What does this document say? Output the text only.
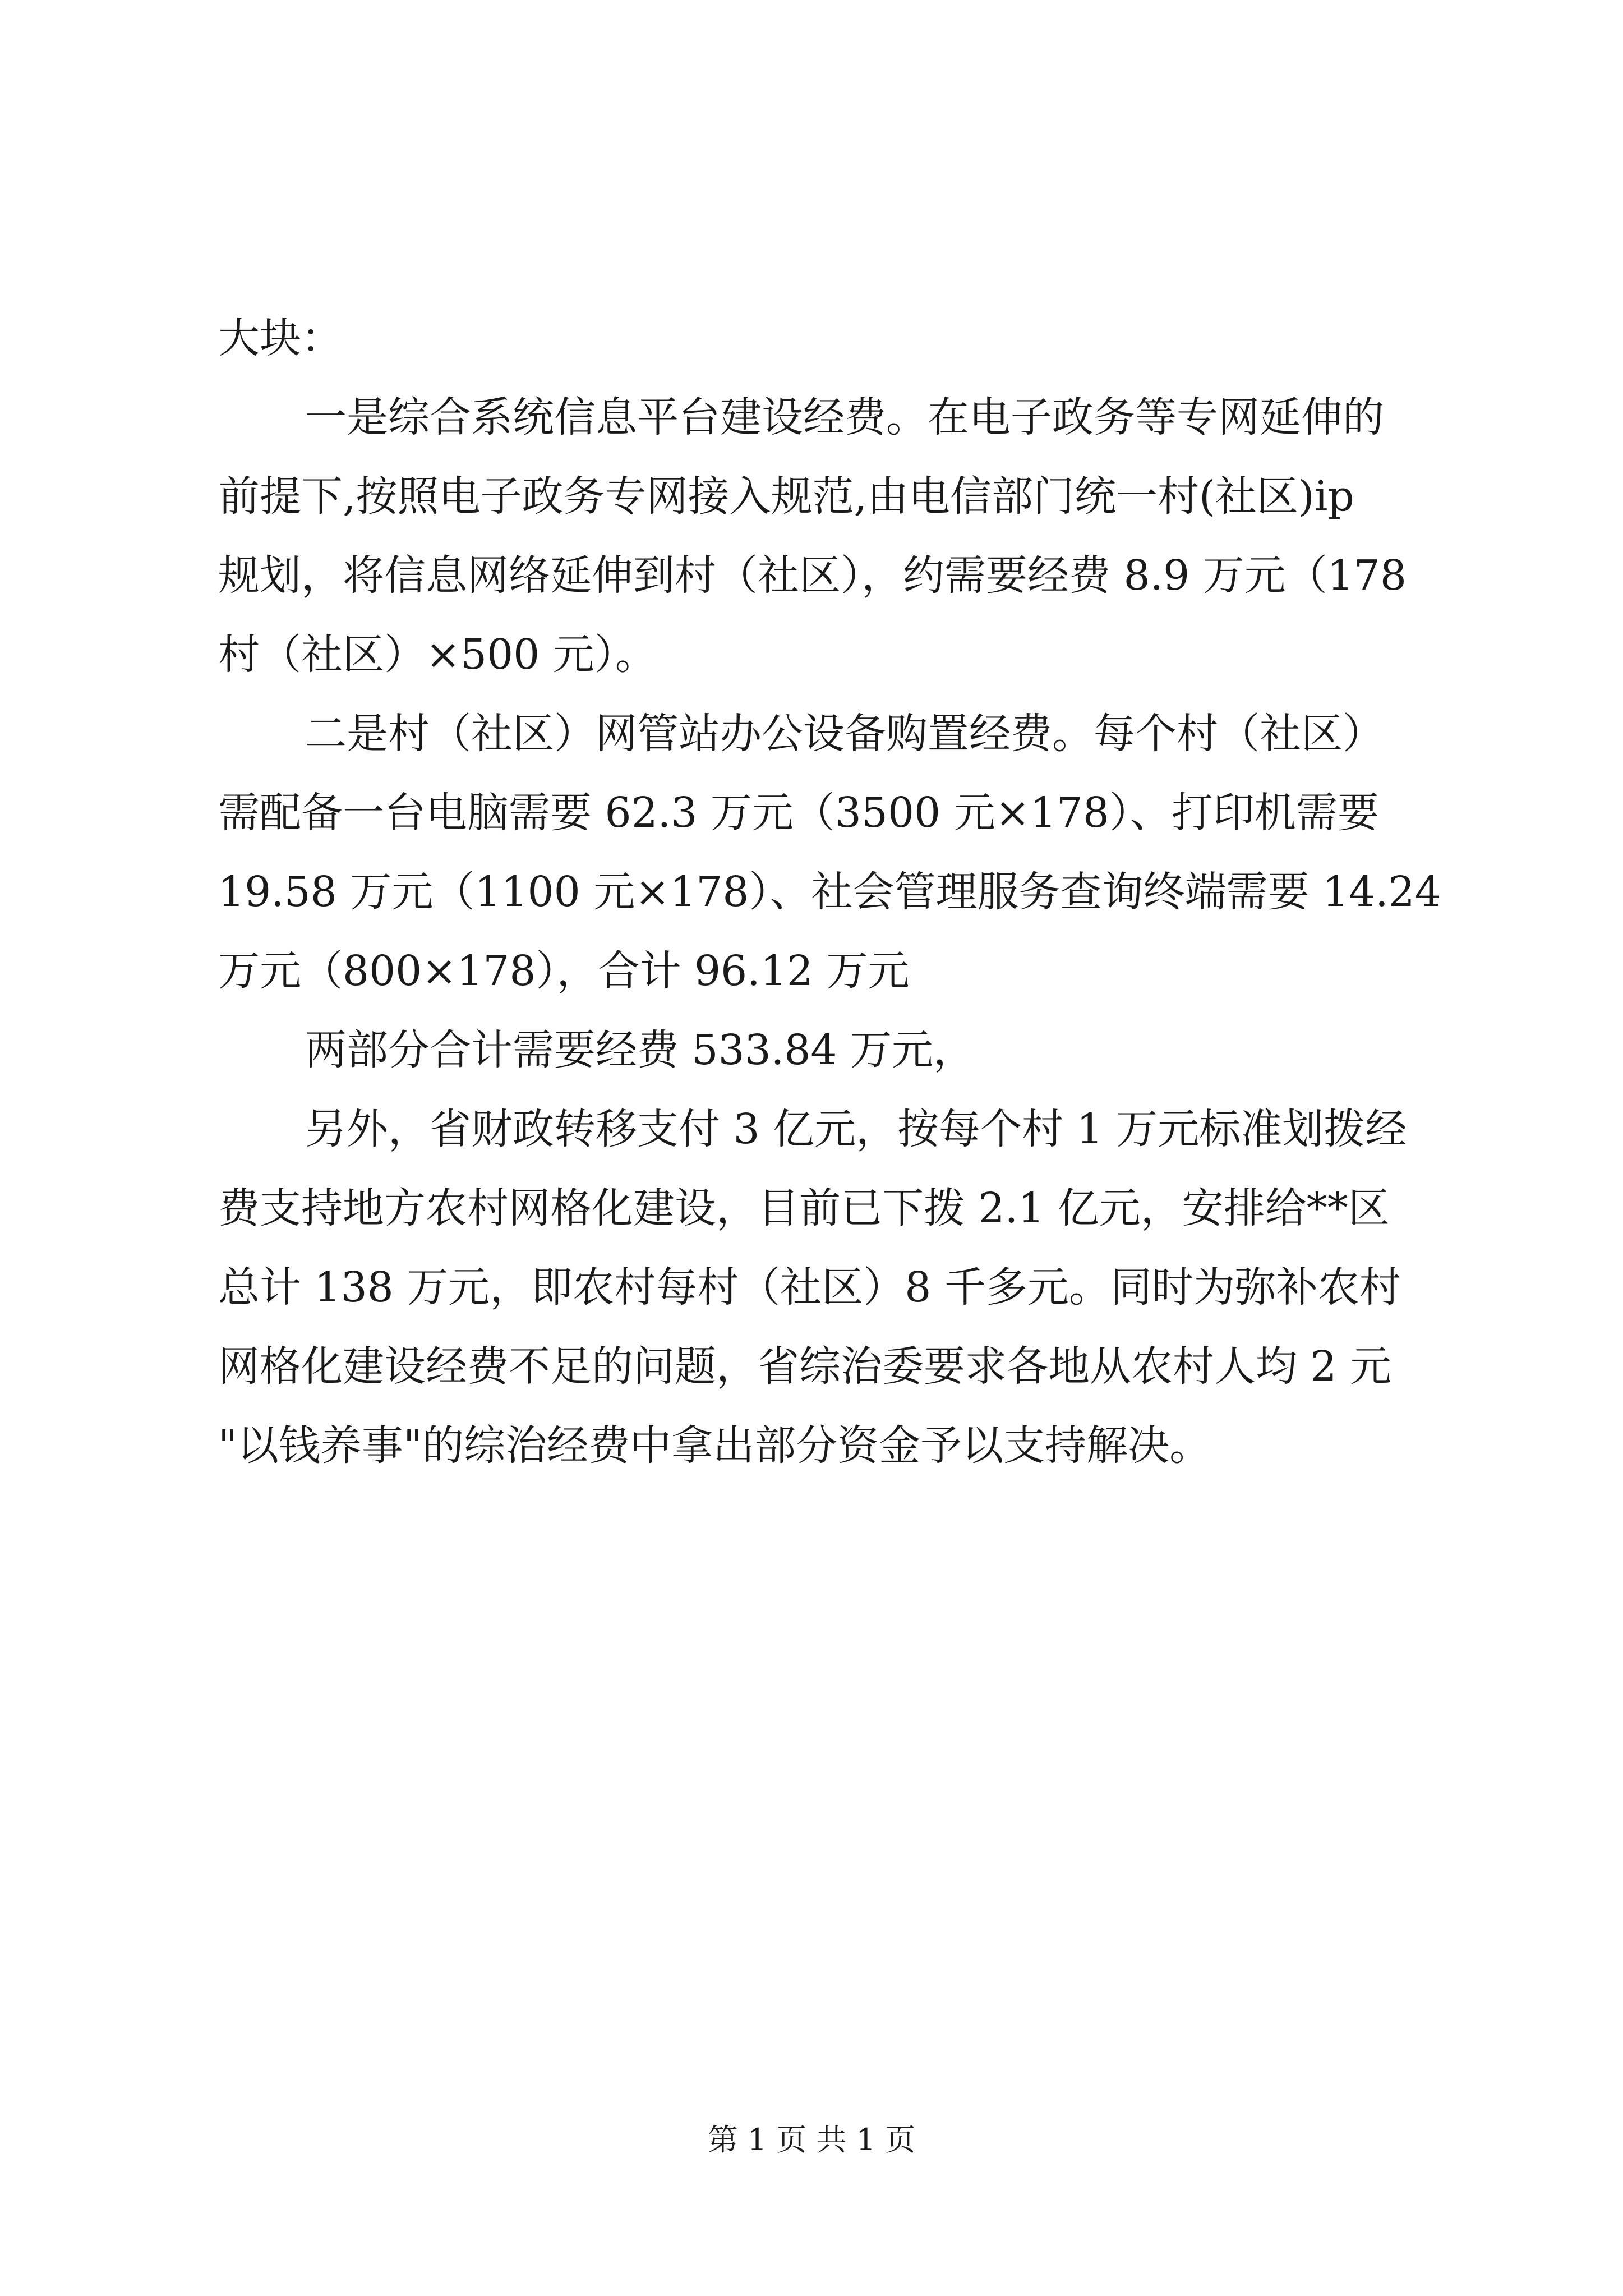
大块：
一是综合系统信息平台建设经费。在电子政务等专网延伸的
前提下,按照电子政务专网接入规范,由电信部门统一村(社区)ip
规划，将信息网络延伸到村（社区），约需要经费 8.9 万元（178
村（社区）×500 元）。
二是村（社区）网管站办公设备购置经费。每个村（社区）
需配备一台电脑需要 62.3 万元（3500 元×178）、打印机需要
19.58 万元（1100 元×178）、社会管理服务查询终端需要 14.24
万元（800×178），合计 96.12 万元
两部分合计需要经费 533.84 万元，
另外，省财政转移支付 3 亿元，按每个村 1 万元标准划拨经
费支持地方农村网格化建设，目前已下拨 2.1 亿元，安排给**区
总计 138 万元，即农村每村（社区）8 千多元。同时为弥补农村
网格化建设经费不足的问题，省综治委要求各地从农村人均 2 元
"以钱养事"的综治经费中拿出部分资金予以支持解决。
第 1 页 共 1 页
